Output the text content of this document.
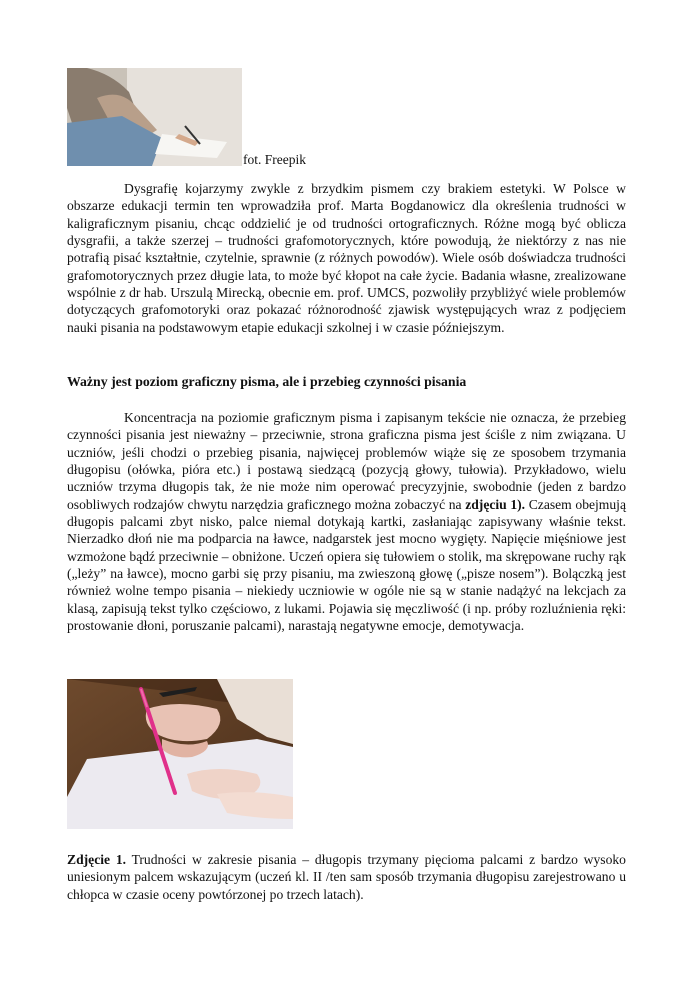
fot. Freepik

Dysgrafię kojarzymy zwykle z brzydkim pismem czy brakiem estetyki. W Polsce w obszarze edukacji termin ten wprowadziła prof. Marta Bogdanowicz dla określenia trudności w kaligraficznym pisaniu, chcąc oddzielić je od trudności ortograficznych. Różne mogą być oblicza dysgrafii, a także szerzej – trudności grafomotorycznych, które powodują, że niektórzy z nas nie potrafią pisać kształtnie, czytelnie, sprawnie (z różnych powodów). Wiele osób doświadcza trudności grafomotorycznych przez długie lata, to może być kłopot na całe życie. Badania własne, zrealizowane wspólnie z dr hab. Urszulą Mirecką, obecnie em. prof. UMCS, pozwoliły przybliżyć wiele problemów dotyczących grafomotoryki oraz pokazać różnorodność zjawisk występujących wraz z podjęciem nauki pisania na podstawowym etapie edukacji szkolnej i w czasie późniejszym.

Ważny jest poziom graficzny pisma, ale i przebieg czynności pisania

Koncentracja na poziomie graficznym pisma i zapisanym tekście nie oznacza, że przebieg czynności pisania jest nieważny – przeciwnie, strona graficzna pisma jest ściśle z nim związana. U uczniów, jeśli chodzi o przebieg pisania, najwięcej problemów wiąże się ze sposobem trzymania długopisu (ołówka, pióra etc.) i postawą siedzącą (pozycją głowy, tułowia). Przykładowo, wielu uczniów trzyma długopis tak, że nie może nim operować precyzyjnie, swobodnie (jeden z bardzo osobliwych rodzajów chwytu narzędzia graficznego można zobaczyć na zdjęciu 1). Czasem obejmują długopis palcami zbyt nisko, palce niemal dotykają kartki, zasłaniając zapisywany właśnie tekst. Nierzadko dłoń nie ma podparcia na ławce, nadgarstek jest mocno wygięty. Napięcie mięśniowe jest wzmożone bądź przeciwnie – obniżone. Uczeń opiera się tułowiem o stolik, ma skrępowane ruchy rąk („leży” na ławce), mocno garbi się przy pisaniu, ma zwieszoną głowę („pisze nosem”). Bolączką jest również wolne tempo pisania – niekiedy uczniowie w ogóle nie są w stanie nadążyć na lekcjach za klasą, zapisują tekst tylko częściowo, z lukami. Pojawia się męczliwość (i np. próby rozluźnienia ręki: prostowanie dłoni, poruszanie palcami), narastają negatywne emocje, demotywacja.

Zdjęcie 1. Trudności w zakresie pisania – długopis trzymany pięcioma palcami z bardzo wysoko uniesionym palcem wskazującym (uczeń kl. II /ten sam sposób trzymania długopisu zarejestrowano u chłopca w czasie oceny powtórzonej po trzech latach).
